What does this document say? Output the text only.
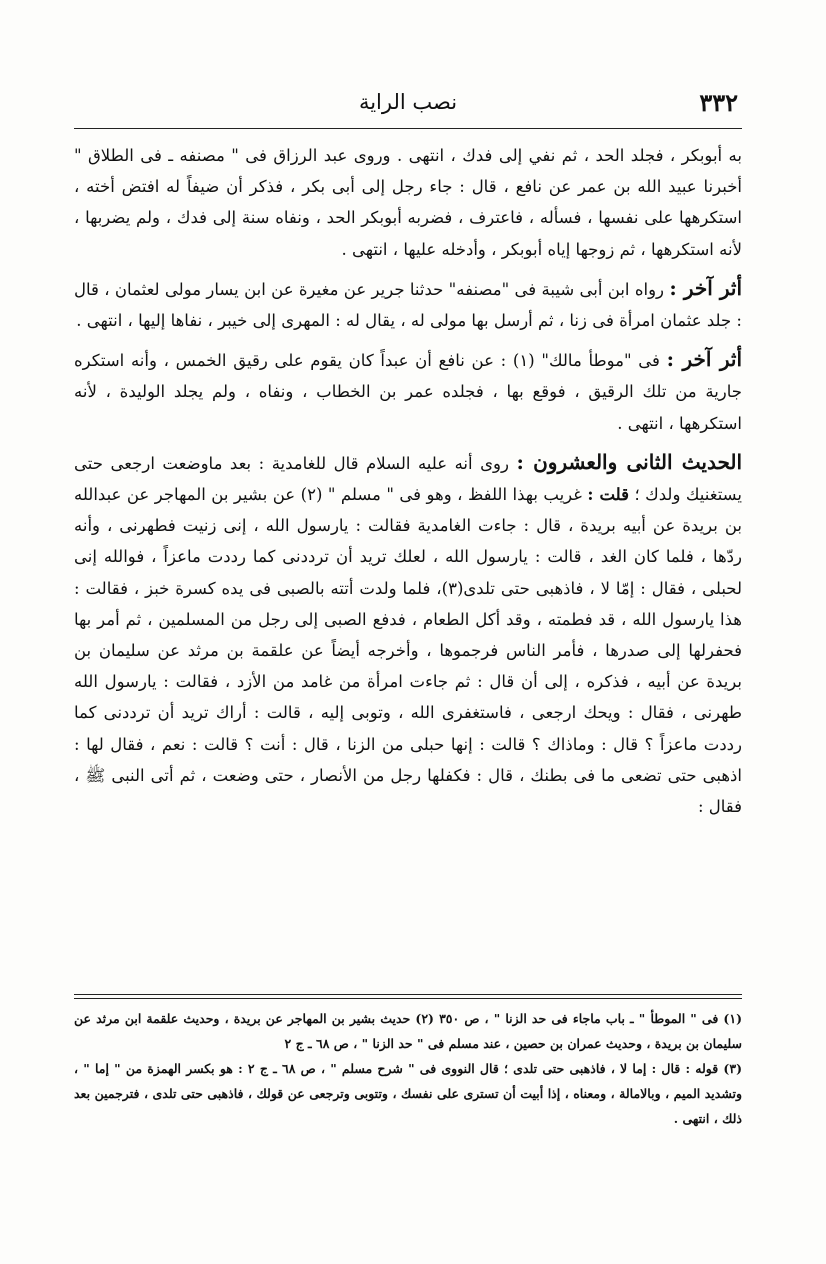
٣٣٢
نصب الراية

به أبوبكر ، فجلد الحد ، ثم نفي إلى فدك ، انتهى . وروى عبد الرزاق فى " مصنفه ـ فى الطلاق " أخبرنا عبيد الله بن عمر عن نافع ، قال : جاء رجل إلى أبى بكر ، فذكر أن ضيفاً له افتض أخته ، استكرهها على نفسها ، فسأله ، فاعترف ، فضربه أبوبكر الحد ، ونفاه سنة إلى فدك ، ولم يضربها ، لأنه استكرهها ، ثم زوجها إياه أبوبكر ، وأدخله عليها ، انتهى .

أثر آخر : رواه ابن أبى شيبة فى "مصنفه" حدثنا جرير عن مغيرة عن ابن يسار مولى لعثمان ، قال : جلد عثمان امرأة فى زنا ، ثم أرسل بها مولى له ، يقال له : المهرى إلى خيبر ، نفاها إليها ، انتهى .

أثر آخر : فى "موطأ مالك" (١) : عن نافع أن عبداً كان يقوم على رقيق الخمس ، وأنه استكره جارية من تلك الرقيق ، فوقع بها ، فجلده عمر بن الخطاب ، ونفاه ، ولم يجلد الوليدة ، لأنه استكرهها ، انتهى .

الحديث الثانى والعشرون : روى أنه عليه السلام قال للغامدية : بعد ماوضعت ارجعى حتى يستغنيك ولدك ؛ قلت : غريب بهذا اللفظ ، وهو فى " مسلم " (٢) عن بشير بن المهاجر عن عبدالله بن بريدة عن أبيه بريدة ، قال : جاءت الغامدية فقالت : يارسول الله ، إنى زنيت فطهرنى ، وأنه ردّها ، فلما كان الغد ، قالت : يارسول الله ، لعلك تريد أن ترددنى كما رددت ماعزاً ، فوالله إنى لحبلى ، فقال : إمّا لا ، فاذهبى حتى تلدى(٣)، فلما ولدت أتته بالصبى فى يده كسرة خبز ، فقالت : هذا يارسول الله ، قد فطمته ، وقد أكل الطعام ، فدفع الصبى إلى رجل من المسلمين ، ثم أمر بها فحفرلها إلى صدرها ، فأمر الناس فرجموها ، وأخرجه أيضاً عن علقمة بن مرثد عن سليمان بن بريدة عن أبيه ، فذكره ، إلى أن قال : ثم جاءت امرأة من غامد من الأزد ، فقالت : يارسول الله طهرنى ، فقال : ويحك ارجعى ، فاستغفرى الله ، وتوبى إليه ، قالت : أراك تريد أن ترددنى كما رددت ماعزاً ؟ قال : وماذاك ؟ قالت : إنها حبلى من الزنا ، قال : أنت ؟ قالت : نعم ، فقال لها : اذهبى حتى تضعى ما فى بطنك ، قال : فكفلها رجل من الأنصار ، حتى وضعت ، ثم أتى النبى ﷺ ، فقال :

(١) فى " الموطأ " ـ باب ماجاء فى حد الزنا " ، ص ٣٥٠ (٢) حديث بشير بن المهاجر عن بريدة ، وحديث علقمة ابن مرثد عن سليمان بن بريدة ، وحديث عمران بن حصين ، عند مسلم فى " حد الزنا " ، ص ٦٨ ـ ج ٢

(٣) قوله : قال : إما لا ، فاذهبى حتى تلدى ؛ قال النووى فى " شرح مسلم " ، ص ٦٨ ـ ج ٢ : هو بكسر الهمزة من " إما " ، وتشديد الميم ، وبالامالة ، ومعناه ، إذا أبيت أن تسترى على نفسك ، وتتوبى وترجعى عن قولك ، فاذهبى حتى تلدى ، فترجمين بعد ذلك ، انتهى .
